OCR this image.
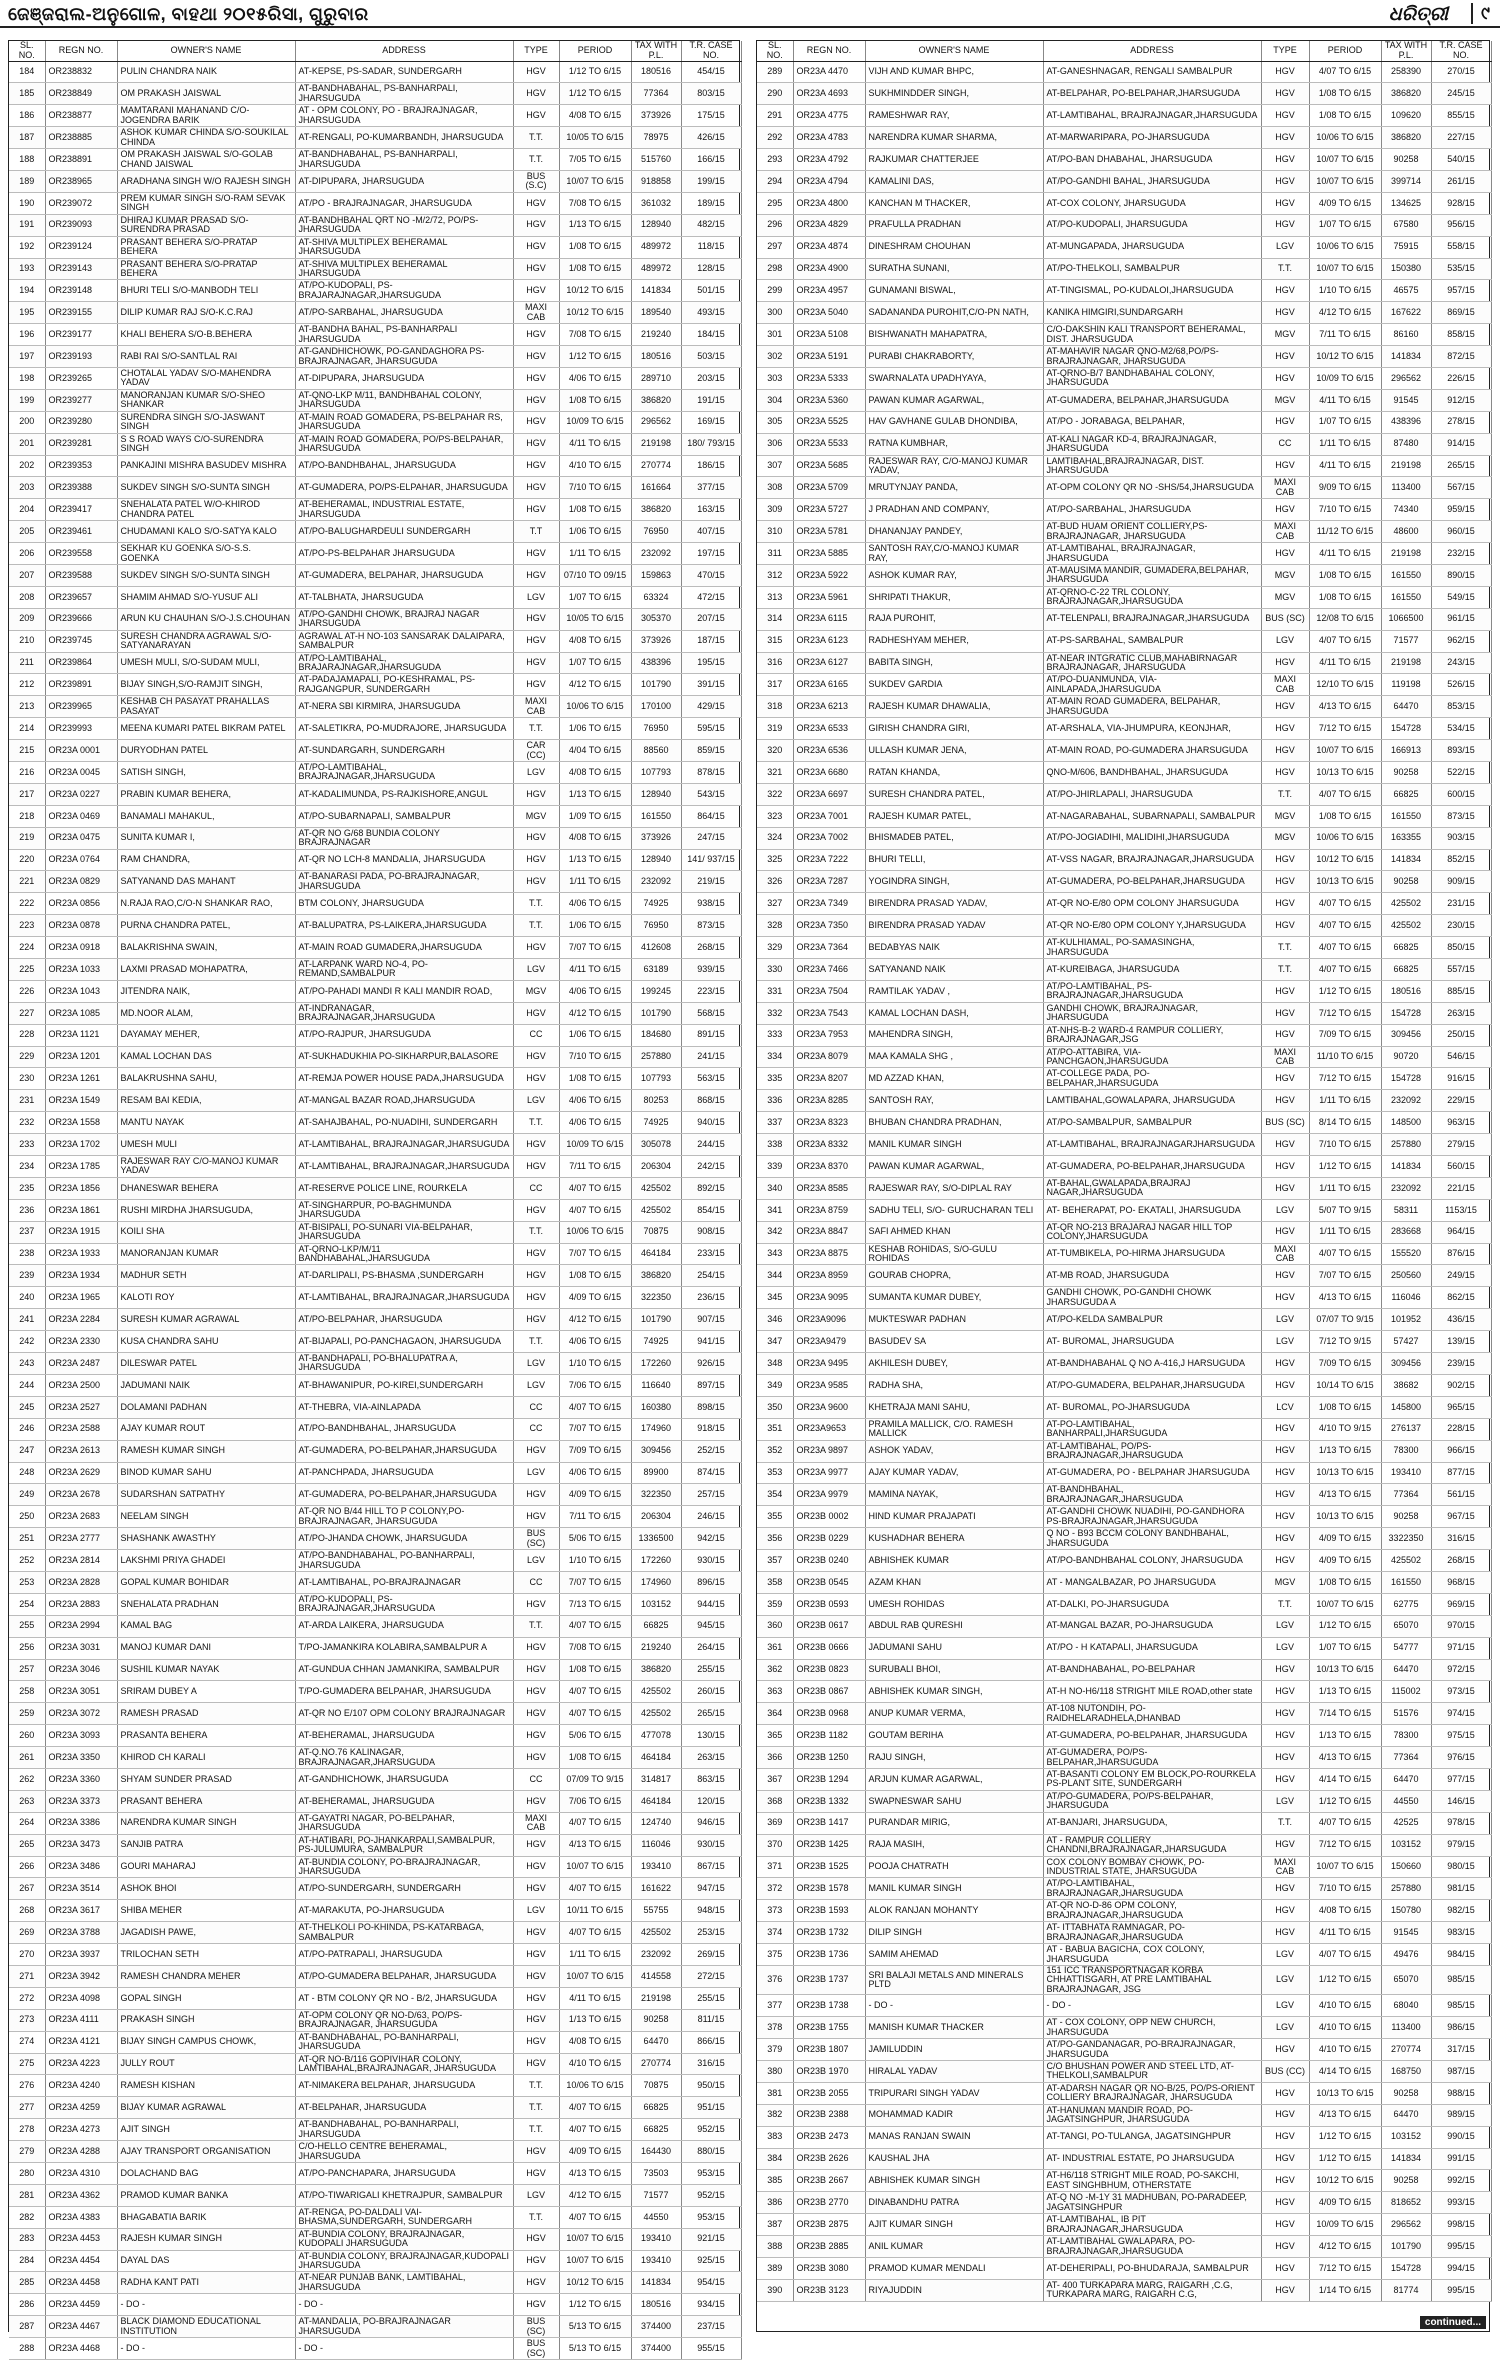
ଜେଞ୍ଜରାଲ-ଅନୁଗୋଳ, ବାହଥା ୨୦୧୫ରିସା, ଗୁରୁବାର	ଧରିତ୍ରୀ	୯
SL. NO.	REGN NO.	OWNER'S NAME	ADDRESS	TYPE	PERIOD	TAX WITH P.L.	T.R. CASE NO.
184	OR238832	PULIN CHANDRA NAIK	AT-KEPSE, PS-SADAR, SUNDERGARH	HGV	1/12 TO 6/15	180516	454/15
185	OR238849	OM PRAKASH JAISWAL	AT-BANDHABAHAL, PS-BANHARPALI, JHARSUGUDA	HGV	1/12 TO 6/15	77364	803/15
186	OR238877	MAMTARANI MAHANAND C/O-JOGENDRA BARIK	AT - OPM COLONY, PO - BRAJRAJNAGAR, JHARSUGUDA	HGV	4/08 TO 6/15	373926	175/15
187	OR238885	ASHOK KUMAR CHINDA S/O-SOUKILAL CHINDA	AT-RENGALI, PO-KUMARBANDH, JHARSUGUDA	T.T.	10/05 TO 6/15	78975	426/15
188	OR238891	OM PRAKASH JAISWAL S/O-GOLAB CHAND JAISWAL	AT-BANDHABAHAL, PS-BANHARPALI, JHARSUGUDA	T.T.	7/05 TO 6/15	515760	166/15
189	OR238965	ARADHANA SINGH W/O RAJESH SINGH	AT-DIPUPARA, JHARSUGUDA	BUS (S.C)	10/07 TO 6/15	918858	199/15
190	OR239072	PREM KUMAR SINGH S/O-RAM SEVAK SINGH	AT/PO - BRAJRAJNAGAR, JHARSUGUDA	HGV	7/08 TO 6/15	361032	189/15
191	OR239093	DHIRAJ KUMAR PRASAD S/O-SURENDRA PRASAD	AT-BANDHBAHAL QRT NO -M/2/72, PO/PS-JHARSUGUDA	HGV	1/13 TO 6/15	128940	482/15
192	OR239124	PRASANT BEHERA S/O-PRATAP BEHERA	AT-SHIVA MULTIPLEX BEHERAMAL JHARSUGUDA	HGV	1/08 TO 6/15	489972	118/15
193	OR239143	PRASANT BEHERA S/O-PRATAP BEHERA	AT-SHIVA MULTIPLEX BEHERAMAL JHARSUGUDA	HGV	1/08 TO 6/15	489972	128/15
194	OR239148	BHURI TELI S/O-MANBODH TELI	AT/PO-KUDOPALI, PS-BRAJARAJNAGAR,JHARSUGUDA	HGV	10/12 TO 6/15	141834	501/15
195	OR239155	DILIP KUMAR RAJ S/O-K.C.RAJ	AT/PO-SARBAHAL, JHARSUGUDA	MAXI CAB	10/12 TO 6/15	189540	493/15
196	OR239177	KHALI BEHERA S/O-B.BEHERA	AT-BANDHA BAHAL, PS-BANHARPALI JHARSUGUDA	HGV	7/08 TO 6/15	219240	184/15
197	OR239193	RABI RAI S/O-SANTLAL RAI	AT-GANDHICHOWK, PO-GANDAGHORA PS-BRAJRAJNAGAR, JHARSUGUDA	HGV	1/12 TO 6/15	180516	503/15
198	OR239265	CHOTALAL YADAV S/O-MAHENDRA YADAV	AT-DIPUPARA, JHARSUGUDA	HGV	4/06 TO 6/15	289710	203/15
199	OR239277	MANORANJAN KUMAR S/O-SHEO SHANKAR	AT-QNO-LKP M/11, BANDHBAHAL COLONY, JHARSUGUDA	HGV	1/08 TO 6/15	386820	191/15
200	OR239280	SURENDRA SINGH S/O-JASWANT SINGH	AT-MAIN ROAD GOMADERA, PS-BELPAHAR RS, JHARSUGUDA	HGV	10/09 TO 6/15	296562	169/15
201	OR239281	S S ROAD WAYS C/O-SURENDRA SINGH	AT-MAIN ROAD GOMADERA, PO/PS-BELPAHAR, JHARSUGUDA	HGV	4/11 TO 6/15	219198	180/ 793/15
202	OR239353	PANKAJINI MISHRA BASUDEV MISHRA	AT/PO-BANDHBAHAL, JHARSUGUDA	HGV	4/10 TO 6/15	270774	186/15
203	OR239388	SUKDEV SINGH S/O-SUNTA SINGH	AT-GUMADERA, PO/PS-ELPAHAR, JHARSUGUDA	HGV	7/10 TO 6/15	161664	377/15
204	OR239417	SNEHALATA PATEL W/O-KHIROD CHANDRA PATEL	AT-BEHERAMAL, INDUSTRIAL ESTATE, JHARSUGUDA	HGV	1/08 TO 6/15	386820	163/15
205	OR239461	CHUDAMANI KALO S/O-SATYA KALO	AT/PO-BALUGHARDEULI SUNDERGARH	T.T	1/06 TO 6/15	76950	407/15
206	OR239558	SEKHAR KU GOENKA S/O-S.S. GOENKA	AT/PO-PS-BELPAHAR JHARSUGUDA	HGV	1/11 TO 6/15	232092	197/15
207	OR239588	SUKDEV SINGH S/O-SUNTA SINGH	AT-GUMADERA, BELPAHAR, JHARSUGUDA	HGV	07/10 TO 09/15	159863	470/15
208	OR239657	SHAMIM AHMAD S/O-YUSUF ALI	AT-TALBHATA, JHARSUGUDA	LGV	1/07 TO 6/15	63324	472/15
209	OR239666	ARUN KU CHAUHAN S/O-J.S.CHOUHAN	AT/PO-GANDHI CHOWK, BRAJRAJ NAGAR JHARSUGUDA	HGV	10/05 TO 6/15	305370	207/15
210	OR239745	SURESH CHANDRA AGRAWAL S/O-SATYANARAYAN	AGRAWAL AT-H NO-103 SANSARAK DALAIPARA, SAMBALPUR	HGV	4/08 TO 6/15	373926	187/15
211	OR239864	UMESH MULI, S/O-SUDAM MULI,	AT/PO-LAMTIBAHAL, BRAJARAJNAGAR,JHARSUGUDA	HGV	1/07 TO 6/15	438396	195/15
212	OR239891	BIJAY SINGH,S/O-RAMJIT SINGH,	AT-PADAJAMAPALI, PO-KESHRAMAL, PS-RAJGANGPUR, SUNDERGARH	HGV	4/12 TO 6/15	101790	391/15
213	OR239965	KESHAB CH PASAYAT PRAHALLAS PASAYAT	AT-NERA SBI KIRMIRA, JHARSUGUDA	MAXI CAB	10/06 TO 6/15	170100	429/15
214	OR239993	MEENA KUMARI PATEL BIKRAM PATEL	AT-SALETIKRA, PO-MUDRAJORE, JHARSUGUDA	T.T.	1/06 TO 6/15	76950	595/15
215	OR23A 0001	DURYODHAN PATEL	AT-SUNDARGARH, SUNDERGARH	CAR (CC)	4/04 TO 6/15	88560	859/15
216	OR23A 0045	SATISH SINGH,	AT/PO-LAMTIBAHAL, BRAJRAJNAGAR,JHARSUGUDA	LGV	4/08 TO 6/15	107793	878/15
217	OR23A 0227	PRABIN KUMAR BEHERA,	AT-KADALIMUNDA, PS-RAJKISHORE,ANGUL	HGV	1/13 TO 6/15	128940	543/15
218	OR23A 0469	BANAMALI MAHAKUL,	AT/PO-SUBARNAPALI, SAMBALPUR	MGV	1/09 TO 6/15	161550	864/15
219	OR23A 0475	SUNITA KUMAR I,	AT-QR NO G/68 BUNDIA COLONY BRAJRAJNAGAR	HGV	4/08 TO 6/15	373926	247/15
220	OR23A 0764	RAM CHANDRA,	AT-QR NO LCH-8 MANDALIA, JHARSUGUDA	HGV	1/13 TO 6/15	128940	141/ 937/15
221	OR23A 0829	SATYANAND DAS MAHANT	AT-BANARASI PADA, PO-BRAJRAJNAGAR, JHARSUGUDA	HGV	1/11 TO 6/15	232092	219/15
222	OR23A 0856	N.RAJA RAO,C/O-N SHANKAR RAO,	BTM COLONY, JHARSUGUDA	T.T.	4/06 TO 6/15	74925	938/15
223	OR23A 0878	PURNA CHANDRA PATEL,	AT-BALUPATRA, PS-LAIKERA,JHARSUGUDA	T.T.	1/06 TO 6/15	76950	873/15
224	OR23A 0918	BALAKRISHNA SWAIN,	AT-MAIN ROAD GUMADERA,JHARSUGUDA	HGV	7/07 TO 6/15	412608	268/15
225	OR23A 1033	LAXMI PRASAD MOHAPATRA,	AT-LARPANK WARD NO-4, PO-REMAND,SAMBALPUR	LGV	4/11 TO 6/15	63189	939/15
226	OR23A 1043	JITENDRA NAIK,	AT/PO-PAHADI MANDI R KALI MANDIR ROAD,	MGV	4/06 TO 6/15	199245	223/15
227	OR23A 1085	MD.NOOR ALAM,	AT-INDRANAGAR, BRAJRAJNAGAR,JHARSUGUDA	HGV	4/12 TO 6/15	101790	568/15
228	OR23A 1121	DAYAMAY MEHER,	AT/PO-RAJPUR, JHARSUGUDA	CC	1/06 TO 6/15	184680	891/15
229	OR23A 1201	KAMAL LOCHAN DAS	AT-SUKHADUKHIA PO-SIKHARPUR,BALASORE	HGV	7/10 TO 6/15	257880	241/15
230	OR23A 1261	BALAKRUSHNA SAHU,	AT-REMJA POWER HOUSE PADA,JHARSUGUDA	HGV	1/08 TO 6/15	107793	563/15
231	OR23A 1549	RESAM BAI KEDIA,	AT-MANGAL BAZAR ROAD,JHARSUGUDA	LGV	4/06 TO 6/15	80253	868/15
232	OR23A 1558	MANTU NAYAK	AT-SAHAJBAHAL, PO-NUADIHI, SUNDERGARH	T.T.	4/06 TO 6/15	74925	940/15
233	OR23A 1702	UMESH MULI	AT-LAMTIBAHAL, BRAJRAJNAGAR,JHARSUGUDA	HGV	10/09 TO 6/15	305078	244/15
234	OR23A 1785	RAJESWAR RAY C/O-MANOJ KUMAR YADAV	AT-LAMTIBAHAL, BRAJRAJNAGAR,JHARSUGUDA	HGV	7/11 TO 6/15	206304	242/15
235	OR23A 1856	DHANESWAR BEHERA	AT-RESERVE POLICE LINE, ROURKELA	CC	4/07 TO 6/15	425502	892/15
236	OR23A 1861	RUSHI MIRDHA JHARSUGUDA,	AT-SINGHARPUR, PO-BAGHMUNDA JHARSUGUDA	HGV	4/07 TO 6/15	425502	854/15
237	OR23A 1915	KOILI SHA	AT-BISIPALI, PO-SUNARI VIA-BELPAHAR, JHARSUGUDA	T.T.	10/06 TO 6/15	70875	908/15
238	OR23A 1933	MANORANJAN KUMAR	AT-QRNO-LKP/M/11 BANDHABAHAL,JHARSUGUDA	HGV	7/07 TO 6/15	464184	233/15
239	OR23A 1934	MADHUR SETH	AT-DARLIPALI, PS-BHASMA ,SUNDERGARH	HGV	1/08 TO 6/15	386820	254/15
240	OR23A 1965	KALOTI ROY	AT-LAMTIBAHAL, BRAJRAJNAGAR,JHARSUGUDA	HGV	4/09 TO 6/15	322350	236/15
241	OR23A 2284	SURESH KUMAR AGRAWAL	AT/PO-BELPAHAR, JHARSUGUDA	HGV	4/12 TO 6/15	101790	907/15
242	OR23A 2330	KUSA CHANDRA SAHU	AT-BIJAPALI, PO-PANCHAGAON, JHARSUGUDA	T.T.	4/06 TO 6/15	74925	941/15
243	OR23A 2487	DILESWAR PATEL	AT-BANDHAPALI, PO-BHALUPATRA A, JHARSUGUDA	LGV	1/10 TO 6/15	172260	926/15
244	OR23A 2500	JADUMANI NAIK	AT-BHAWANIPUR, PO-KIREI,SUNDERGARH	LGV	7/06 TO 6/15	116640	897/15
245	OR23A 2527	DOLAMANI PADHAN	AT-THEBRA, VIA-AINLAPADA	CC	4/07 TO 6/15	160380	898/15
246	OR23A 2588	AJAY KUMAR ROUT	AT/PO-BANDHBAHAL, JHARSUGUDA	CC	7/07 TO 6/15	174960	918/15
247	OR23A 2613	RAMESH KUMAR SINGH	AT-GUMADERA, PO-BELPAHAR,JHARSUGUDA	HGV	7/09 TO 6/15	309456	252/15
248	OR23A 2629	BINOD KUMAR SAHU	AT-PANCHPADA, JHARSUGUDA	LGV	4/06 TO 6/15	89900	874/15
249	OR23A 2678	SUDARSHAN SATPATHY	AT-GUMADERA, PO-BELPAHAR,JHARSUGUDA	HGV	4/09 TO 6/15	322350	257/15
250	OR23A 2683	NEELAM SINGH	AT-QR NO B/44 HILL TO P COLONY,PO-BRAJRAJNAGAR, JHARSUGUDA	HGV	7/11 TO 6/15	206304	246/15
251	OR23A 2777	SHASHANK AWASTHY	AT/PO-JHANDA CHOWK, JHARSUGUDA	BUS (SC)	5/06 TO 6/15	1336500	942/15
252	OR23A 2814	LAKSHMI PRIYA GHADEI	AT/PO-BANDHABAHAL, PO-BANHARPALI, JHARSUGUDA	LGV	1/10 TO 6/15	172260	930/15
253	OR23A 2828	GOPAL KUMAR BOHIDAR	AT-LAMTIBAHAL, PO-BRAJRAJNAGAR	CC	7/07 TO 6/15	174960	896/15
254	OR23A 2883	SNEHALATA PRADHAN	AT/PO-KUDOPALI, PS-BRAJRAJNAGAR,JHARSUGUDA	HGV	7/13 TO 6/15	103152	944/15
255	OR23A 2994	KAMAL BAG	AT-ARDA LAIKERA, JHARSUGUDA	T.T.	4/07 TO 6/15	66825	945/15
256	OR23A 3031	MANOJ KUMAR DANI	T/PO-JAMANKIRA KOLABIRA,SAMBALPUR A	HGV	7/08 TO 6/15	219240	264/15
257	OR23A 3046	SUSHIL KUMAR NAYAK	AT-GUNDUA CHHAN JAMANKIRA, SAMBALPUR	HGV	1/08 TO 6/15	386820	255/15
258	OR23A 3051	SRIRAM DUBEY A	T/PO-GUMADERA BELPAHAR, JHARSUGUDA	HGV	4/07 TO 6/15	425502	260/15
259	OR23A 3072	RAMESH PRASAD	AT-QR NO E/107 OPM COLONY BRAJRAJNAGAR	HGV	4/07 TO 6/15	425502	265/15
260	OR23A 3093	PRASANTA BEHERA	AT-BEHERAMAL, JHARSUGUDA	HGV	5/06 TO 6/15	477078	130/15
261	OR23A 3350	KHIROD CH KARALI	AT-Q.NO.76 KALINAGAR, BRAJRAJNAGAR,JHARSUGUDA	HGV	1/08 TO 6/15	464184	263/15
262	OR23A 3360	SHYAM SUNDER PRASAD	AT-GANDHICHOWK, JHARSUGUDA	CC	07/09 TO 9/15	314817	863/15
263	OR23A 3373	PRASANT BEHERA	AT-BEHERAMAL, JHARSUGUDA	HGV	7/06 TO 6/15	464184	120/15
264	OR23A 3386	NARENDRA KUMAR SINGH	AT-GAYATRI NAGAR, PO-BELPAHAR, JHARSUGUDA	MAXI CAB	4/07 TO 6/15	124740	946/15
265	OR23A 3473	SANJIB PATRA	AT-HATIBARI, PO-JHANKARPALI,SAMBALPUR, PS-JULUMURA, SAMBALPUR	HGV	4/13 TO 6/15	116046	930/15
266	OR23A 3486	GOURI MAHARAJ	AT-BUNDIA COLONY, PO-BRAJRAJNAGAR, JHARSUGUDA	HGV	10/07 TO 6/15	193410	867/15
267	OR23A 3514	ASHOK BHOI	AT/PO-SUNDERGARH, SUNDERGARH	HGV	4/07 TO 6/15	161622	947/15
268	OR23A 3617	SHIBA MEHER	AT-MARAKUTA, PO-JHARSUGUDA	LGV	10/11 TO 6/15	55755	948/15
269	OR23A 3788	JAGADISH PAWE,	AT-THELKOLI PO-KHINDA, PS-KATARBAGA, SAMBALPUR	HGV	4/07 TO 6/15	425502	253/15
270	OR23A 3937	TRILOCHAN SETH	AT/PO-PATRAPALI, JHARSUGUDA	HGV	1/11 TO 6/15	232092	269/15
271	OR23A 3942	RAMESH CHANDRA MEHER	AT/PO-GUMADERA BELPAHAR, JHARSUGUDA	HGV	10/07 TO 6/15	414558	272/15
272	OR23A 4098	GOPAL SINGH	AT - BTM COLONY QR NO - B/2, JHARSUGUDA	HGV	4/11 TO 6/15	219198	255/15
273	OR23A 4111	PRAKASH SINGH	AT-OPM COLONY QR NO-D/63, PO/PS-BRAJRAJNAGAR, JHARSUGUDA	HGV	1/13 TO 6/15	90258	811/15
274	OR23A 4121	BIJAY SINGH CAMPUS CHOWK,	AT-BANDHABAHAL, PO-BANHARPALI, JHARSUGUDA	HGV	4/08 TO 6/15	64470	866/15
275	OR23A 4223	JULLY ROUT	AT-QR NO-B/116 GOPIVIHAR COLONY, LAMTIBAHAL,BRAJRAJNAGAR, JHARSUGUDA	HGV	4/10 TO 6/15	270774	316/15
276	OR23A 4240	RAMESH KISHAN	AT-NIMAKERA BELPAHAR, JHARSUGUDA	T.T.	10/06 TO 6/15	70875	950/15
277	OR23A 4259	BIJAY KUMAR AGRAWAL	AT-BELPAHAR, JHARSUGUDA	T.T.	4/07 TO 6/15	66825	951/15
278	OR23A 4273	AJIT SINGH	AT-BANDHABAHAL, PO-BANHARPALI, JHARSUGUDA	T.T.	4/07 TO 6/15	66825	952/15
279	OR23A 4288	AJAY TRANSPORT ORGANISATION	C/O-HELLO CENTRE BEHERAMAL, JHARSUGUDA	HGV	4/09 TO 6/15	164430	880/15
280	OR23A 4310	DOLACHAND BAG	AT/PO-PANCHAPARA, JHARSUGUDA	HGV	4/13 TO 6/15	73503	953/15
281	OR23A 4362	PRAMOD KUMAR BANKA	AT/PO-TIWARIGALI KHETRAJPUR, SAMBALPUR	LGV	4/12 TO 6/15	71577	952/15
282	OR23A 4383	BHAGABATIA BARIK	AT-RENGA, PO-DALDALI VAI-BHASMA,SUNDERGARH, SUNDERGARH	T.T.	4/07 TO 6/15	44550	953/15
283	OR23A 4453	RAJESH KUMAR SINGH	AT-BUNDIA COLONY, BRAJRAJNAGAR, KUDOPALI JHARSUGUDA	HGV	10/07 TO 6/15	193410	921/15
284	OR23A 4454	DAYAL DAS	AT-BUNDIA COLONY, BRAJRAJNAGAR,KUDOPALI JHARSUGUDA	HGV	10/07 TO 6/15	193410	925/15
285	OR23A 4458	RADHA KANT PATI	AT-NEAR PUNJAB BANK, LAMTIBAHAL, JHARSUGUDA	HGV	10/12 TO 6/15	141834	954/15
286	OR23A 4459	- DO -	- DO -	HGV	1/12 TO 6/15	180516	934/15
287	OR23A 4467	BLACK DIAMOND EDUCATIONAL INSTITUTION	AT-MANDALIA, PO-BRAJRAJNAGAR JHARSUGUDA	BUS (SC)	5/13 TO 6/15	374400	237/15
288	OR23A 4468	- DO -	- DO -	BUS (SC)	5/13 TO 6/15	374400	955/15
SL. NO.	REGN NO.	OWNER'S NAME	ADDRESS	TYPE	PERIOD	TAX WITH P.L.	T.R. CASE NO.
289	OR23A 4470	VIJH AND KUMAR BHPC,	AT-GANESHNAGAR, RENGALI SAMBALPUR	HGV	4/07 TO 6/15	258390	270/15
290	OR23A 4693	SUKHMINDDER SINGH,	AT-BELPAHAR, PO-BELPAHAR,JHARSUGUDA	HGV	1/08 TO 6/15	386820	245/15
291	OR23A 4775	RAMESHWAR RAY,	AT-LAMTIBAHAL, BRAJRAJNAGAR,JHARSUGUDA	HGV	1/08 TO 6/15	109620	855/15
292	OR23A 4783	NARENDRA KUMAR SHARMA,	AT-MARWARIPARA, PO-JHARSUGUDA	HGV	10/06 TO 6/15	386820	227/15
293	OR23A 4792	RAJKUMAR CHATTERJEE	AT/PO-BAN DHABAHAL, JHARSUGUDA	HGV	10/07 TO 6/15	90258	540/15
294	OR23A 4794	KAMALINI DAS,	AT/PO-GANDHI BAHAL, JHARSUGUDA	HGV	10/07 TO 6/15	399714	261/15
295	OR23A 4800	KANCHAN M THACKER,	AT-COX COLONY, JHARSUGUDA	HGV	4/09 TO 6/15	134625	928/15
296	OR23A 4829	PRAFULLA PRADHAN	AT/PO-KUDOPALI, JHARSUGUDA	HGV	1/07 TO 6/15	67580	956/15
297	OR23A 4874	DINESHRAM CHOUHAN	AT-MUNGAPADA, JHARSUGUDA	LGV	10/06 TO 6/15	75915	558/15
298	OR23A 4900	SURATHA SUNANI,	AT/PO-THELKOLI, SAMBALPUR	T.T.	10/07 TO 6/15	150380	535/15
299	OR23A 4957	GUNAMANI BISWAL,	AT-TINGISMAL, PO-KUDALOI,JHARSUGUDA	HGV	1/10 TO 6/15	46575	957/15
300	OR23A 5040	SADANANDA PUROHIT,C/O-PN NATH,	KANIKA HIMGIRI,SUNDARGARH	HGV	4/12 TO 6/15	167622	869/15
301	OR23A 5108	BISHWANATH MAHAPATRA,	C/O-DAKSHIN KALI TRANSPORT BEHERAMAL, DIST. JHARSUGUDA	MGV	7/11 TO 6/15	86160	858/15
302	OR23A 5191	PURABI CHAKRABORTY,	AT-MAHAVIR NAGAR QNO-M2/68,PO/PS-BRAJRAJNAGAR, JHARSUGUDA	HGV	10/12 TO 6/15	141834	872/15
303	OR23A 5333	SWARNALATA UPADHYAYA,	AT-QRNO-B/7 BANDHABAHAL COLONY, JHARSUGUDA	HGV	10/09 TO 6/15	296562	226/15
304	OR23A 5360	PAWAN KUMAR AGARWAL,	AT-GUMADERA, BELPAHAR,JHARSUGUDA	MGV	4/11 TO 6/15	91545	912/15
305	OR23A 5525	HAV GAVHANE GULAB DHONDIBA,	AT/PO - JORABAGA, BELPAHAR,	HGV	1/07 TO 6/15	438396	278/15
306	OR23A 5533	RATNA KUMBHAR,	AT-KALI NAGAR KD-4, BRAJRAJNAGAR, JHARSUGUDA	CC	1/11 TO 6/15	87480	914/15
307	OR23A 5685	RAJESWAR RAY, C/O-MANOJ KUMAR YADAV,	LAMTIBAHAL,BRAJRAJNAGAR, DIST. JHARSUGUDA	HGV	4/11 TO 6/15	219198	265/15
308	OR23A 5709	MRUTYNJAY PANDA,	AT-OPM COLONY QR NO -SHS/54,JHARSUGUDA	MAXI CAB	9/09 TO 6/15	113400	567/15
309	OR23A 5727	J PRADHAN AND COMPANY,	AT/PO-SARBAHAL, JHARSUGUDA	HGV	7/10 TO 6/15	74340	959/15
310	OR23A 5781	DHANANJAY PANDEY,	AT-BUD HUAM ORIENT COLLIERY,PS-BRAJRAJNAGAR, JHARSUGUDA	MAXI CAB	11/12 TO 6/15	48600	960/15
311	OR23A 5885	SANTOSH RAY,C/O-MANOJ KUMAR RAY,	AT-LAMTIBAHAL, BRAJRAJNAGAR, JHARSUGUDA	HGV	4/11 TO 6/15	219198	232/15
312	OR23A 5922	ASHOK KUMAR RAY,	AT-MAUSIMA MANDIR, GUMADERA,BELPAHAR, JHARSUGUDA	MGV	1/08 TO 6/15	161550	890/15
313	OR23A 5961	SHRIPATI THAKUR,	AT-QRNO-C-22 TRL COLONY, BRAJRAJNAGAR,JHARSUGUDA	MGV	1/08 TO 6/15	161550	549/15
314	OR23A 6115	RAJA PUROHIT,	AT-TELENPALI, BRAJRAJNAGAR,JHARSUGUDA	BUS (SC)	12/08 TO 6/15	1066500	961/15
315	OR23A 6123	RADHESHYAM MEHER,	AT-PS-SARBAHAL, SAMBALPUR	LGV	4/07 TO 6/15	71577	962/15
316	OR23A 6127	BABITA SINGH,	AT-NEAR INTGRATIC CLUB,MAHABIRNAGAR BRAJRAJNAGAR, JHARSUGUDA	HGV	4/11 TO 6/15	219198	243/15
317	OR23A 6165	SUKDEV GARDIA	AT/PO-DUANMUNDA, VIA-AINLAPADA,JHARSUGUDA	MAXI CAB	12/10 TO 6/15	119198	526/15
318	OR23A 6213	RAJESH KUMAR DHAWALIA,	AT-MAIN ROAD GUMADERA, BELPAHAR, JHARSUGUDA	HGV	4/13 TO 6/15	64470	853/15
319	OR23A 6533	GIRISH CHANDRA GIRI,	AT-ARSHALA, VIA-JHUMPURA, KEONJHAR,	HGV	7/12 TO 6/15	154728	534/15
320	OR23A 6536	ULLASH KUMAR JENA,	AT-MAIN ROAD, PO-GUMADERA JHARSUGUDA	HGV	10/07 TO 6/15	166913	893/15
321	OR23A 6680	RATAN KHANDA,	QNO-M/606, BANDHBAHAL, JHARSUGUDA	HGV	10/13 TO 6/15	90258	522/15
322	OR23A 6697	SURESH CHANDRA PATEL,	AT/PO-JHIRLAPALI, JHARSUGUDA	T.T.	4/07 TO 6/15	66825	600/15
323	OR23A 7001	RAJESH KUMAR PATEL,	AT-NAGARABAHAL, SUBARNAPALI, SAMBALPUR	MGV	1/08 TO 6/15	161550	873/15
324	OR23A 7002	BHISMADEB PATEL,	AT/PO-JOGIADIHI, MALIDIHI,JHARSUGUDA	MGV	10/06 TO 6/15	163355	903/15
325	OR23A 7222	BHURI TELLI,	AT-VSS NAGAR, BRAJRAJNAGAR,JHARSUGUDA	HGV	10/12 TO 6/15	141834	852/15
326	OR23A 7287	YOGINDRA SINGH,	AT-GUMADERA, PO-BELPAHAR,JHARSUGUDA	HGV	10/13 TO 6/15	90258	909/15
327	OR23A 7349	BIRENDRA PRASAD YADAV,	AT-QR NO-E/80 OPM COLONY JHARSUGUDA	HGV	4/07 TO 6/15	425502	231/15
328	OR23A 7350	BIRENDRA PRASAD YADAV	AT-QR NO-E/80 OPM COLONY Y,JHARSUGUDA	HGV	4/07 TO 6/15	425502	230/15
329	OR23A 7364	BEDABYAS NAIK	AT-KULHIAMAL, PO-SAMASINGHA, JHARSUGUDA	T.T.	4/07 TO 6/15	66825	850/15
330	OR23A 7466	SATYANAND NAIK	AT-KUREIBAGA, JHARSUGUDA	T.T.	4/07 TO 6/15	66825	557/15
331	OR23A 7504	RAMTILAK YADAV ,	AT/PO-LAMTIBAHAL, PS-BRAJRAJNAGAR,JHARSUGUDA	HGV	1/12 TO 6/15	180516	885/15
332	OR23A 7543	KAMAL LOCHAN DASH,	GANDHI CHOWK, BRAJRAJNAGAR, JHARSUGUDA	HGV	7/12 TO 6/15	154728	263/15
333	OR23A 7953	MAHENDRA SINGH,	AT-NHS-B-2 WARD-4 RAMPUR COLLIERY, BRAJRAJNAGAR,JSG	HGV	7/09 TO 6/15	309456	250/15
334	OR23A 8079	MAA KAMALA SHG ,	AT/PO-ATTABIRA, VIA-PANCHGAON,JHARSUGUDA	MAXI CAB	11/10 TO 6/15	90720	546/15
335	OR23A 8207	MD AZZAD KHAN,	AT-COLLEGE PADA, PO-BELPAHAR,JHARSUGUDA	HGV	7/12 TO 6/15	154728	916/15
336	OR23A 8285	SANTOSH RAY,	LAMTIBAHAL,GOWALAPARA, JHARSUGUDA	HGV	1/11 TO 6/15	232092	229/15
337	OR23A 8323	BHUBAN CHANDRA PRADHAN,	AT/PO-SAMBALPUR, SAMBALPUR	BUS (SC)	8/14 TO 6/15	148500	963/15
338	OR23A 8332	MANIL KUMAR SINGH	AT-LAMTIBAHAL, BRAJRAJNAGARJHARSUGUDA	HGV	7/10 TO 6/15	257880	279/15
339	OR23A 8370	PAWAN KUMAR AGARWAL,	AT-GUMADERA, PO-BELPAHAR,JHARSUGUDA	HGV	1/12 TO 6/15	141834	560/15
340	OR23A 8585	RAJESWAR RAY, S/O-DIPLAL RAY	AT-BAHAL,GWALAPADA,BRAJRAJ NAGAR,JHARSUGUDA	HGV	1/11 TO 6/15	232092	221/15
341	OR23A 8759	SADHU TELI, S/O- GURUCHARAN TELI	AT- BEHERAPAT, PO- EKATALI, JHARSUGUDA	LGV	5/07 TO 9/15	58311	1153/15
342	OR23A 8847	SAFI AHMED KHAN	AT-QR NO-213 BRAJARAJ NAGAR HILL TOP COLONY,JHARSUGUDA	HGV	1/11 TO 6/15	283668	964/15
343	OR23A 8875	KESHAB ROHIDAS, S/O-GULU ROHIDAS	AT-TUMBIKELA, PO-HIRMA JHARSUGUDA	MAXI CAB	4/07 TO 6/15	155520	876/15
344	OR23A 8959	GOURAB CHOPRA,	AT-MB ROAD, JHARSUGUDA	HGV	7/07 TO 6/15	250560	249/15
345	OR23A 9095	SUMANTA KUMAR DUBEY,	GANDHI CHOWK, PO-GANDHI CHOWK JHARSUGUDA A	HGV	4/13 TO 6/15	116046	862/15
346	OR23A9096	MUKTESWAR PADHAN	AT/PO-KELDA SAMBALPUR	LGV	07/07 TO 9/15	101952	436/15
347	OR23A9479	BASUDEV SA	AT- BUROMAL, JHARSUGUDA	LGV	7/12 TO 9/15	57427	139/15
348	OR23A 9495	AKHILESH DUBEY,	AT-BANDHABAHAL Q NO A-416,J HARSUGUDA	HGV	7/09 TO 6/15	309456	239/15
349	OR23A 9585	RADHA SHA,	AT/PO-GUMADERA, BELPAHAR,JHARSUGUDA	HGV	10/14 TO 6/15	38682	902/15
350	OR23A 9600	KHETRAJA MANI SAHU,	AT- BUROMAL, PO-JHARSUGUDA	LCV	1/08 TO 6/15	145800	965/15
351	OR23A9653	PRAMILA MALLICK, C/O. RAMESH MALLICK	AT-PO-LAMTIBAHAL, BANHARPALI,JHARSUGUDA	HGV	4/10 TO 9/15	276137	228/15
352	OR23A 9897	ASHOK YADAV,	AT-LAMTIBAHAL, PO/PS-BRAJRAJNAGAR,JHARSUGUDA	HGV	1/13 TO 6/15	78300	966/15
353	OR23A 9977	AJAY KUMAR YADAV,	AT-GUMADERA, PO - BELPAHAR JHARSUGUDA	HGV	10/13 TO 6/15	193410	877/15
354	OR23A 9979	MAMINA NAYAK,	AT-BANDHBAHAL, BRAJRAJNAGAR,JHARSUGUDA	HGV	4/13 TO 6/15	77364	561/15
355	OR23B 0002	HIND KUMAR PRAJAPATI	AT-GANDHI CHOWK NUADIHI, PO-GANDHORA PS-BRAJRAJNAGAR,JHARSUGUDA	HGV	10/13 TO 6/15	90258	967/15
356	OR23B 0229	KUSHADHAR BEHERA	Q NO - B93 BCCM COLONY BANDHBAHAL, JHARSUGUDA	HGV	4/09 TO 6/15	3322350	316/15
357	OR23B 0240	ABHISHEK KUMAR	AT/PO-BANDHBAHAL COLONY, JHARSUGUDA	HGV	4/09 TO 6/15	425502	268/15
358	OR23B 0545	AZAM KHAN	AT - MANGALBAZAR, PO JHARSUGUDA	MGV	1/08 TO 6/15	161550	968/15
359	OR23B 0593	UMESH ROHIDAS	AT-DALKI, PO-JHARSUGUDA	T.T.	10/07 TO 6/15	62775	969/15
360	OR23B 0617	ABDUL RAB QURESHI	AT-MANGAL BAZAR, PO-JHARSUGUDA	LGV	1/12 TO 6/15	65070	970/15
361	OR23B 0666	JADUMANI SAHU	AT/PO - H KATAPALI, JHARSUGUDA	LGV	1/07 TO 6/15	54777	971/15
362	OR23B 0823	SURUBALI BHOI,	AT-BANDHABAHAL, PO-BELPAHAR	HGV	10/13 TO 6/15	64470	972/15
363	OR23B 0867	ABHISHEK KUMAR SINGH,	AT-H NO-H6/118 STRIGHT MILE ROAD,other state	HGV	1/13 TO 6/15	115002	973/15
364	OR23B 0968	ANUP KUMAR VERMA,	AT-108 NUTONDIH, PO-RAIDHELARADHELA,DHANBAD	HGV	7/14 TO 6/15	51576	974/15
365	OR23B 1182	GOUTAM BERIHA	AT-GUMADERA, PO-BELPAHAR, JHARSUGUDA	HGV	1/13 TO 6/15	78300	975/15
366	OR23B 1250	RAJU SINGH,	AT-GUMADERA, PO/PS-BELPAHAR,JHARSUGUDA	HGV	4/13 TO 6/15	77364	976/15
367	OR23B 1294	ARJUN KUMAR AGARWAL,	AT-BASANTI COLONY EM BLOCK,PO-ROURKELA PS-PLANT SITE, SUNDERGARH	HGV	4/14 TO 6/15	64470	977/15
368	OR23B 1332	SWAPNESWAR SAHU	AT/PO-GUMADERA, PO/PS-BELPAHAR, JHARSUGUDA	LGV	1/12 TO 6/15	44550	146/15
369	OR23B 1417	PURANDAR MIRIG,	AT-BANJARI, JHARSUGUDA,	T.T.	4/07 TO 6/15	42525	978/15
370	OR23B 1425	RAJA MASIH,	AT - RAMPUR COLLIERY CHANDNI,BRAJRAJNAGAR,JHARSUGUDA	HGV	7/12 TO 6/15	103152	979/15
371	OR23B 1525	POOJA CHATRATH	COX COLONY BOMBAY CHOWK, PO-INDUSTRIAL STATE, JHARSUGUDA	MAXI CAB	10/07 TO 6/15	150660	980/15
372	OR23B 1578	MANIL KUMAR SINGH	AT/PO-LAMTIBAHAL, BRAJRAJNAGAR,JHARSUGUDA	HGV	7/10 TO 6/15	257880	981/15
373	OR23B 1593	ALOK RANJAN MOHANTY	AT-QR NO-D-86 OPM COLONY, BRAJRAJNAGAR,JHARSUGUDA	HGV	4/08 TO 6/15	150780	982/15
374	OR23B 1732	DILIP SINGH	AT- ITTABHATA RAMNAGAR, PO-BRAJRAJNAGAR,JHARSUGUDA	HGV	4/11 TO 6/15	91545	983/15
375	OR23B 1736	SAMIM AHEMAD	AT - BABUA BAGICHA, COX COLONY, JHARSUGUDA	LGV	4/07 TO 6/15	49476	984/15
376	OR23B 1737	SRI BALAJI METALS AND MINERALS PLTD	151 ICC TRANSPORTNAGAR KORBA CHHATTISGARH, AT PRE LAMTIBAHAL BRAJRAJNAGAR, JSG	LGV	1/12 TO 6/15	65070	985/15
377	OR23B 1738	- DO -	- DO -	LGV	4/10 TO 6/15	68040	985/15
378	OR23B 1755	MANISH KUMAR THACKER	AT - COX COLONY, OPP NEW CHURCH, JHARSUGUDA	LGV	4/10 TO 6/15	113400	986/15
379	OR23B 1807	JAMILUDDIN	AT/PO-GANDANAGAR, PO-BRAJRAJNAGAR, JHARSUGUDA	HGV	4/10 TO 6/15	270774	317/15
380	OR23B 1970	HIRALAL YADAV	C/O BHUSHAN POWER AND STEEL LTD, AT-THELKOLI,SAMBALPUR	BUS (CC)	4/14 TO 6/15	168750	987/15
381	OR23B 2055	TRIPURARI SINGH YADAV	AT-ADARSH NAGAR QR NO-B/25, PO/PS-ORIENT COLLIERY BRAJRAJNAGAR, JHARSUGUDA	HGV	10/13 TO 6/15	90258	988/15
382	OR23B 2388	MOHAMMAD KADIR	AT-HANUMAN MANDIR ROAD, PO-JAGATSINGHPUR, JHARSUGUDA	HGV	4/13 TO 6/15	64470	989/15
383	OR23B 2473	MANAS RANJAN SWAIN	AT-TANGI, PO-TULANGA, JAGATSINGHPUR	HGV	1/12 TO 6/15	103152	990/15
384	OR23B 2626	KAUSHAL JHA	AT- INDUSTRIAL ESTATE, PO JHARSUGUDA	HGV	1/12 TO 6/15	141834	991/15
385	OR23B 2667	ABHISHEK KUMAR SINGH	AT-H6/118 STRIGHT MILE ROAD, PO-SAKCHI, EAST SINGHBHUM, OTHERSTATE	HGV	10/12 TO 6/15	90258	992/15
386	OR23B 2770	DINABANDHU PATRA	AT-Q NO -M-1Y 31 MADHUBAN, PO-PARADEEP, JAGATSINGHPUR	HGV	4/09 TO 6/15	818652	993/15
387	OR23B 2875	AJIT KUMAR SINGH	AT-LAMTIBAHAL, IB PIT BRAJRAJNAGAR,JHARSUGUDA	HGV	10/09 TO 6/15	296562	998/15
388	OR23B 2885	ANIL KUMAR	AT-LAMTIBAHAL GWALAPARA, PO-BRAJRAJNAGAR,JHARSUGUDA	HGV	4/12 TO 6/15	101790	995/15
389	OR23B 3080	PRAMOD KUMAR MENDALI	AT-DEHERIPALI, PO-BHUDARAJA, SAMBALPUR	HGV	7/12 TO 6/15	154728	994/15
390	OR23B 3123	RIYAJUDDIN	AT- 400 TURKAPARA MARG, RAIGARH ,C.G, TURKAPARA MARG, RAIGARH C.G,	HGV	1/14 TO 6/15	81774	995/15
continued...
